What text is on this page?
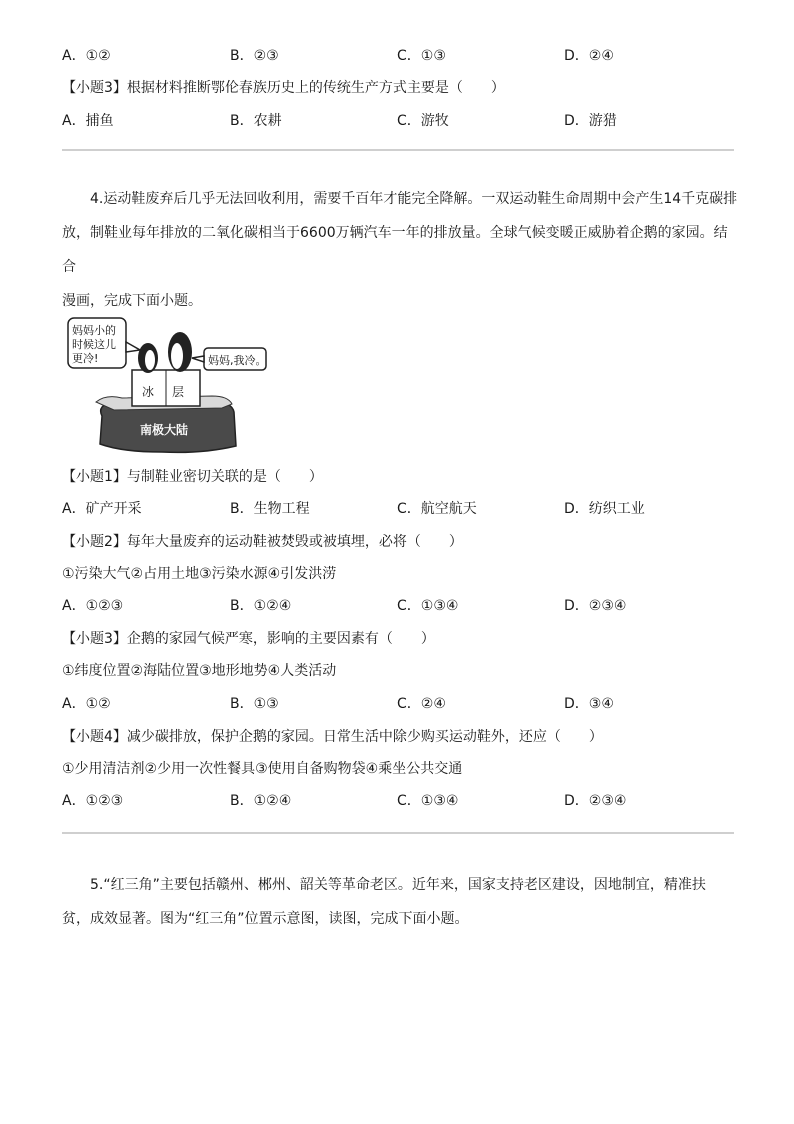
A．①②	B．②③	C．①③	D．②④
【小题3】根据材料推断鄂伦春族历史上的传统生产方式主要是（　　）
A．捕鱼	B．农耕	C．游牧	D．游猎
4.运动鞋废弃后几乎无法回收利用，需要千百年才能完全降解。一双运动鞋生命周期中会产生14千克碳排
放，制鞋业每年排放的二氧化碳相当于6600万辆汽车一年的排放量。全球气候变暖正威胁着企鹅的家园。结合
漫画，完成下面小题。
妈妈小的
时候这儿
更冷!	妈妈,我冷。
冰 层
南极大陆
【小题1】与制鞋业密切关联的是（　　）
A．矿产开采	B．生物工程	C．航空航天	D．纺织工业
【小题2】每年大量废弃的运动鞋被焚毁或被填埋，必将（　　）
①污染大气②占用土地③污染水源④引发洪涝
A．①②③	B．①②④	C．①③④	D．②③④
【小题3】企鹅的家园气候严寒，影响的主要因素有（　　）
①纬度位置②海陆位置③地形地势④人类活动
A．①②	B．①③	C．②④	D．③④
【小题4】减少碳排放，保护企鹅的家园。日常生活中除少购买运动鞋外，还应（　　）
①少用清洁剂②少用一次性餐具③使用自备购物袋④乘坐公共交通
A．①②③	B．①②④	C．①③④	D．②③④
5.“红三角”主要包括赣州、郴州、韶关等革命老区。近年来，国家支持老区建设，因地制宜，精准扶
贫，成效显著。图为“红三角”位置示意图，读图，完成下面小题。
